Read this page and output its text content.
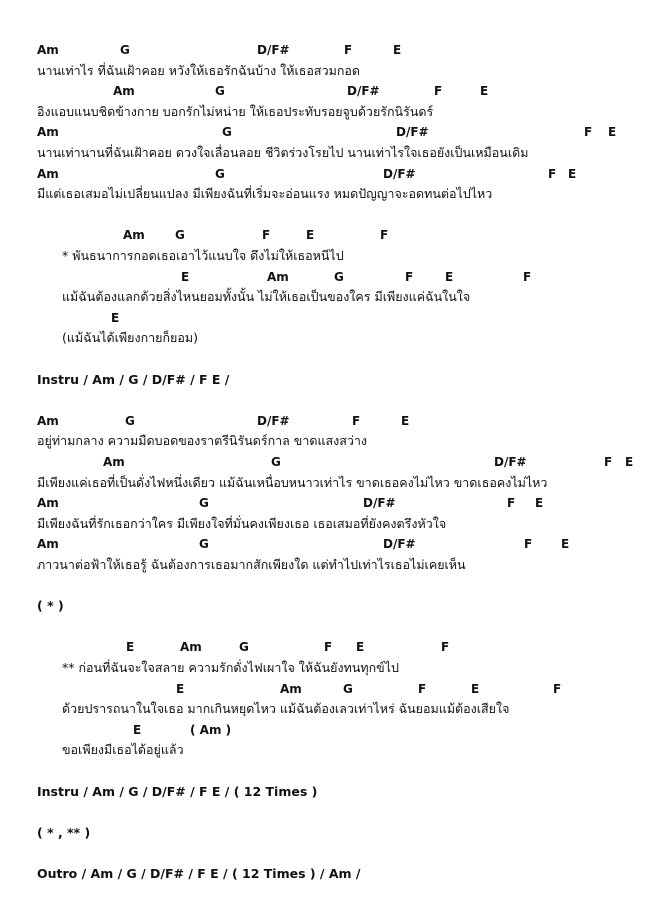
Am	G	D/F#	F	E
นานเท่าไร ที่ฉันเฝ้าคอย หวังให้เธอรักฉันบ้าง ให้เธอสวมกอด
Am	G	D/F#	F	E
อิงแอบแนบชิดข้างกาย บอกรักไม่หน่าย ให้เธอประทับรอยจูบด้วยรักนิรันดร์
Am	G	D/F#	F E
นานเท่านานที่ฉันเฝ้าคอย ดวงใจเลื่อนลอย ชีวิตร่วงโรยไป นานเท่าไรใจเธอยังเป็นเหมือนเดิม
Am	G	D/F#	F E
มีแต่เธอเสมอไม่เปลี่ยนแปลง มีเพียงฉันที่เริ่มจะอ่อนแรง หมดปัญญาจะอดทนต่อไปไหว
Am	G	F	E	F
* พันธนาการกอดเธอเอาไว้แนบใจ ดึงไม่ให้เธอหนีไป
E	Am	G	F	E	F
แม้ฉันต้องแลกด้วยสิ่งไหนยอมทั้งนั้น ไม่ให้เธอเป็นของใคร มีเพียงแค่ฉันในใจ
E
(แม้ฉันได้เพียงกายก็ยอม)
Instru / Am / G / D/F# / F E /
Am	G	D/F#	F	E
อยู่ท่ามกลาง ความมืดบอดของราตรีนิรันดร์กาล ขาดแสงสว่าง
Am	G	D/F#	F E
มีเพียงแค่เธอที่เป็นดั่งไฟหนึ่งเดียว แม้ฉันเหนื่อบหนาวเท่าไร ขาดเธอคงไม่ไหว ขาดเธอคงไม่ไหว
Am	G	D/F#	F E
มีเพียงฉันที่รักเธอกว่าใคร มีเพียงใจที่มั่นคงเพียงเธอ เธอเสมอที่ยังคงตรึงหัวใจ
Am	G	D/F#	F E
ภาวนาต่อฟ้าให้เธอรู้ ฉันต้องการเธอมากสักเพียงใด แต่ทำไปเท่าไรเธอไม่เคยเห็น
( * )
E	Am	G	F E	F
** ก่อนที่ฉันจะใจสลาย ความรักดั่งไฟเผาใจ ให้ฉันยังทนทุกข์ไป
E	Am	G	F	E	F
ด้วยปรารถนาในใจเธอ มากเกินหยุดไหว แม้ฉันต้องเลวเท่าไหร่ ฉันยอมแม้ต้องเสียใจ
E	( Am )
ขอเพียงมีเธอได้อยู่แล้ว
Instru / Am / G / D/F# / F E / ( 12 Times )
( * , ** )
Outro / Am / G / D/F# / F E / ( 12 Times ) / Am /
